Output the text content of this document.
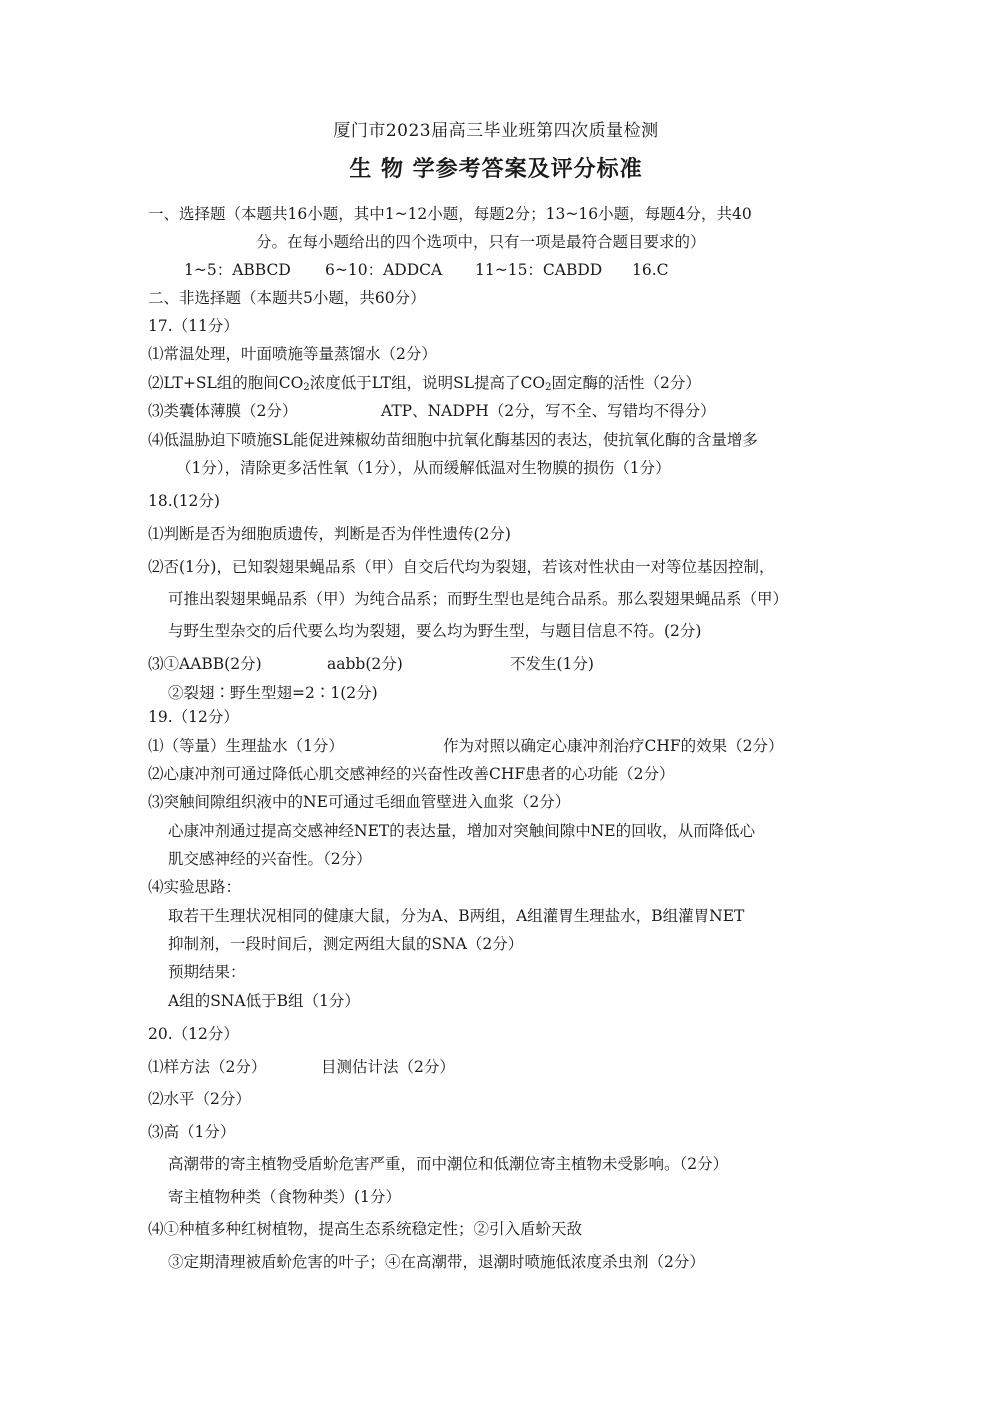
厦门市2023届高三毕业班第四次质量检测
生 物 学参考答案及评分标准
一、选择题（本题共16小题，其中1~12小题，每题2分；13~16小题，每题4分，共40
分。在每小题给出的四个选项中，只有一项是最符合题目要求的）
1~5：ABBCD 6~10：ADDCA 11~15：CABDD 16.C
二、非选择题（本题共5小题，共60分）
17.（11分）
⑴常温处理，叶面喷施等量蒸馏水（2分）
⑵LT+SL组的胞间$CO_2$浓度低于LT组，说明SL提高了$CO_2$固定酶的活性（2分）
⑶类囊体薄膜（2分）	ATP、NADPH（2分，写不全、写错均不得分）
⑷低温胁迫下喷施SL能促进辣椒幼苗细胞中抗氧化酶基因的表达，使抗氧化酶的含量增多
（1分），清除更多活性氧（1分），从而缓解低温对生物膜的损伤（1分）
18.(12分)
⑴判断是否为细胞质遗传，判断是否为伴性遗传(2分)
⑵否(1分)，已知裂翅果蝇品系（甲）自交后代均为裂翅，若该对性状由一对等位基因控制，
可推出裂翅果蝇品系（甲）为纯合品系；而野生型也是纯合品系。那么裂翅果蝇品系（甲）
与野生型杂交的后代要么均为裂翅，要么均为野生型，与题目信息不符。(2分)
⑶①AABB(2分)	aabb(2分)	不发生(1分)
②裂翅∶野生型翅=2∶1(2分)
19.（12分）
⑴（等量）生理盐水（1分）	作为对照以确定心康冲剂治疗CHF的效果（2分）
⑵心康冲剂可通过降低心肌交感神经的兴奋性改善CHF患者的心功能（2分）
⑶突触间隙组织液中的NE可通过毛细血管壁进入血浆（2分）
心康冲剂通过提高交感神经NET的表达量，增加对突触间隙中NE的回收，从而降低心
肌交感神经的兴奋性。（2分）
⑷实验思路：
取若干生理状况相同的健康大鼠，分为A、B两组，A组灌胃生理盐水，B组灌胃NET
抑制剂，一段时间后，测定两组大鼠的SNA（2分）
预期结果：
A组的SNA低于B组（1分）
20.（12分）
⑴样方法（2分）	目测估计法（2分）
⑵水平（2分）
⑶高（1分）
高潮带的寄主植物受盾蚧危害严重，而中潮位和低潮位寄主植物未受影响。（2分）
寄主植物种类（食物种类）(1分）
⑷①种植多种红树植物，提高生态系统稳定性；②引入盾蚧天敌
③定期清理被盾蚧危害的叶子；④在高潮带，退潮时喷施低浓度杀虫剂（2分）
